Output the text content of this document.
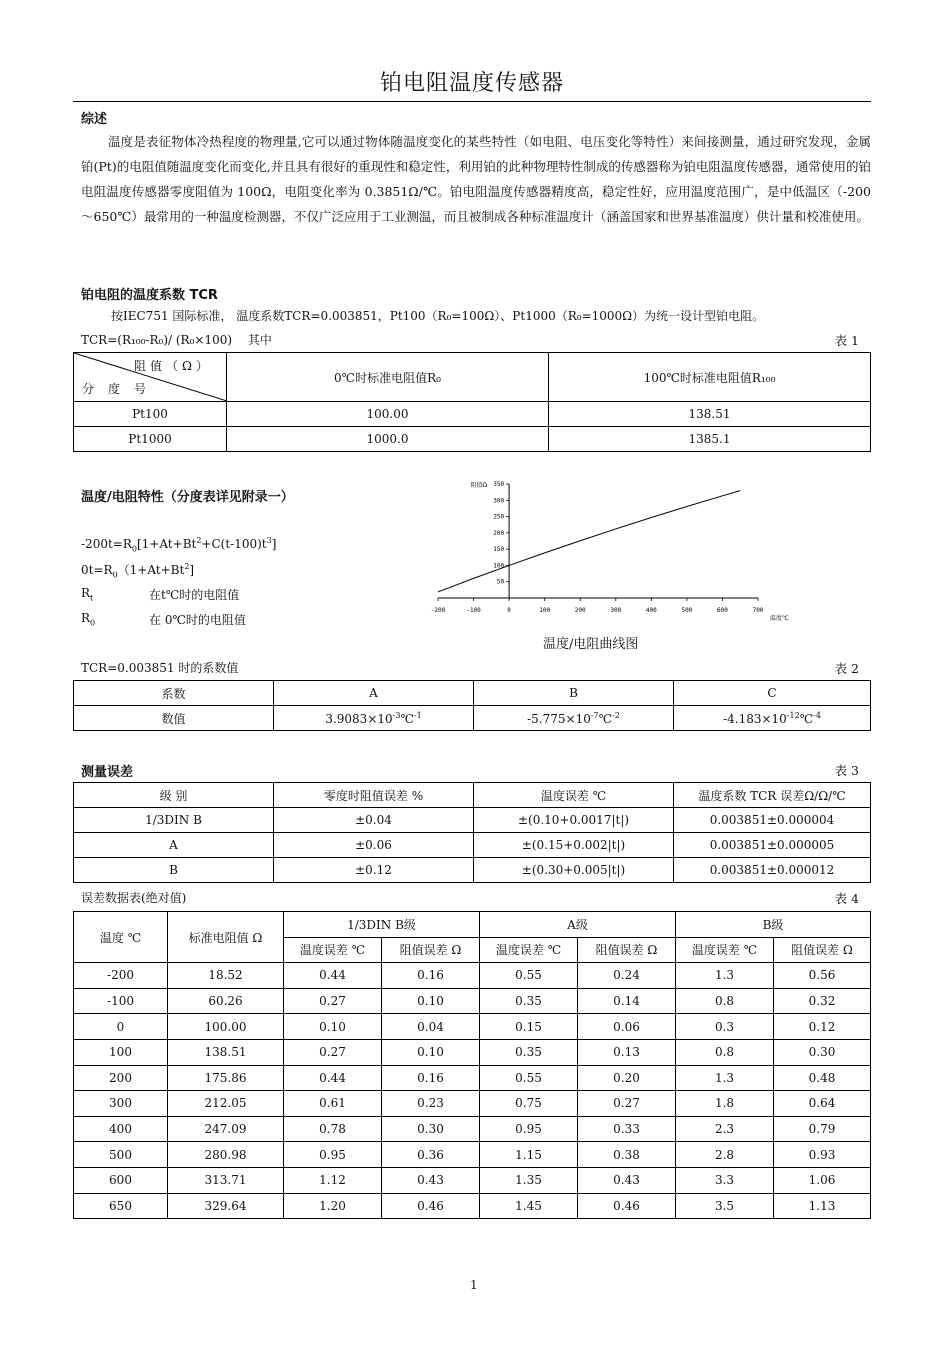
铂电阻温度传感器
综述
温度是表征物体冷热程度的物理量,它可以通过物体随温度变化的某些特性（如电阻、电压变化等特性）来间接测量，通过研究发现，金属铂(Pt)的电阻值随温度变化而变化,并且具有很好的重现性和稳定性，利用铂的此种物理特性制成的传感器称为铂电阻温度传感器，通常使用的铂电阻温度传感器零度阻值为 100Ω，电阻变化率为 0.3851Ω/℃。铂电阻温度传感器精度高，稳定性好，应用温度范围广，是中低温区（-200～650℃）最常用的一种温度检测器，不仅广泛应用于工业测温，而且被制成各种标准温度计（涵盖国家和世界基准温度）供计量和校准使用。
铂电阻的温度系数 TCR
按IEC751 国际标准， 温度系数TCR=0.003851，Pt100（R₀=100Ω）、Pt1000（R₀=1000Ω）为统一设计型铂电阻。
TCR=(R₁₀₀-R₀)/ (R₀×100)　 其中	表 1
阻值（Ω）
分度号	0℃时标准电阻值R₀	100℃时标准电阻值R₁₀₀
Pt100	100.00	138.51
Pt1000	1000.0	1385.1
温度/电阻特性（分度表详见附录一）
$-200t=R_0[1+At+Bt^2+C(t-100)t^3]$
$0t=R_0(1+At+Bt^2]$
$R_t$	在t℃时的电阻值
$R_0$	在 0℃时的电阻值
-200	-100	0	100	200	300	400	500	600	700
50
100
150
200
250
300
350
阻值Ω
温度℃
温度/电阻曲线图
TCR=0.003851 时的系数值	表 2
系数	A	B	C
数值	$3.9083\times 10^{-3}℃^{-1}$	$-5.775\times 10^{-7}℃^{-2}$	$-4.183\times 10^{-12}℃^{-4}$
测量误差	表 3
级 别	零度时阻值误差 %	温度误差 ℃	温度系数 TCR 误差Ω/Ω/℃
1/3DIN B	±0.04	±(0.10+0.0017|t|)	0.003851±0.000004
A	±0.06	±(0.15+0.002|t|)	0.003851±0.000005
B	±0.12	±(0.30+0.005|t|)	0.003851±0.000012
误差数据表(绝对值)	表 4
温度 ℃	标准电阻值 Ω	1/3DIN B级		A级		B级	
		温度误差 ℃	阻值误差 Ω	温度误差 ℃	阻值误差 Ω	温度误差 ℃	阻值误差 Ω
-200	18.52	0.44	0.16	0.55	0.24	1.3	0.56
-100	60.26	0.27	0.10	0.35	0.14	0.8	0.32
0	100.00	0.10	0.04	0.15	0.06	0.3	0.12
100	138.51	0.27	0.10	0.35	0.13	0.8	0.30
200	175.86	0.44	0.16	0.55	0.20	1.3	0.48
300	212.05	0.61	0.23	0.75	0.27	1.8	0.64
400	247.09	0.78	0.30	0.95	0.33	2.3	0.79
500	280.98	0.95	0.36	1.15	0.38	2.8	0.93
600	313.71	1.12	0.43	1.35	0.43	3.3	1.06
650	329.64	1.20	0.46	1.45	0.46	3.5	1.13
1
